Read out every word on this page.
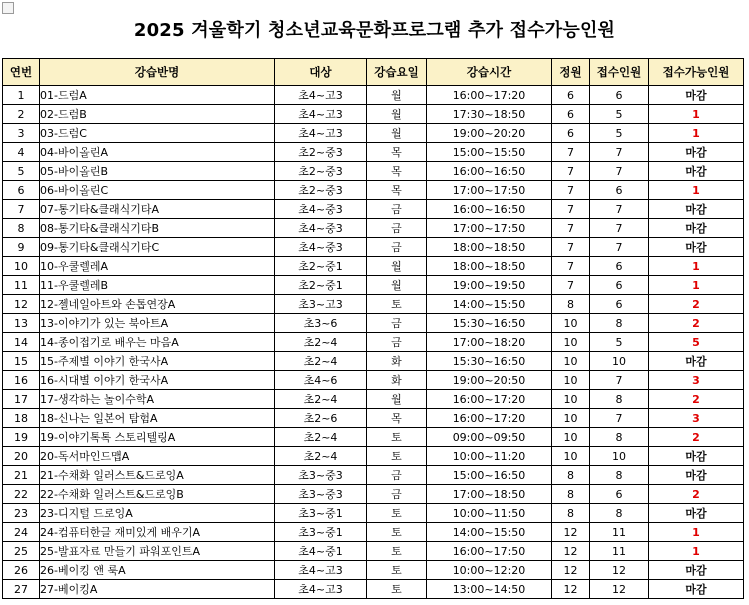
2025 겨울학기 청소년교육문화프로그램 추가 접수가능인원
연번	강습반명	대상	강습요일	강습시간	정원	접수인원	접수가능인원
1	01-드럼A	초4~고3	월	16:00~17:20	6	6	마감
2	02-드럼B	초4~고3	월	17:30~18:50	6	5	1
3	03-드럼C	초4~고3	월	19:00~20:20	6	5	1
4	04-바이올린A	초2~중3	목	15:00~15:50	7	7	마감
5	05-바이올린B	초2~중3	목	16:00~16:50	7	7	마감
6	06-바이올린C	초2~중3	목	17:00~17:50	7	6	1
7	07-통기타&클래식기타A	초4~중3	금	16:00~16:50	7	7	마감
8	08-통기타&클래식기타B	초4~중3	금	17:00~17:50	7	7	마감
9	09-통기타&클래식기타C	초4~중3	금	18:00~18:50	7	7	마감
10	10-우쿨렐레A	초2~중1	월	18:00~18:50	7	6	1
11	11-우쿨렐레B	초2~중1	월	19:00~19:50	7	6	1
12	12-젤네일아트와 손톱연장A	초3~고3	토	14:00~15:50	8	6	2
13	13-이야기가 있는 북아트A	초3~6	금	15:30~16:50	10	8	2
14	14-종이접기로 배우는 마음A	초2~4	금	17:00~18:20	10	5	5
15	15-주제별 이야기 한국사A	초2~4	화	15:30~16:50	10	10	마감
16	16-시대별 이야기 한국사A	초4~6	화	19:00~20:50	10	7	3
17	17-생각하는 놀이수학A	초2~4	월	16:00~17:20	10	8	2
18	18-신나는 일본어 탐험A	초2~6	목	16:00~17:20	10	7	3
19	19-이야기톡톡 스토리텔링A	초2~4	토	09:00~09:50	10	8	2
20	20-독서마인드맵A	초2~4	토	10:00~11:20	10	10	마감
21	21-수채화 일러스트&드로잉A	초3~중3	금	15:00~16:50	8	8	마감
22	22-수채화 일러스트&드로잉B	초3~중3	금	17:00~18:50	8	6	2
23	23-디지털 드로잉A	초3~중1	토	10:00~11:50	8	8	마감
24	24-컴퓨터한글 재미있게 배우기A	초3~중1	토	14:00~15:50	12	11	1
25	25-발표자료 만들기 파워포인트A	초4~중1	토	16:00~17:50	12	11	1
26	26-베이킹 앤 룩A	초4~고3	토	10:00~12:20	12	12	마감
27	27-베이킹A	초4~고3	토	13:00~14:50	12	12	마감
